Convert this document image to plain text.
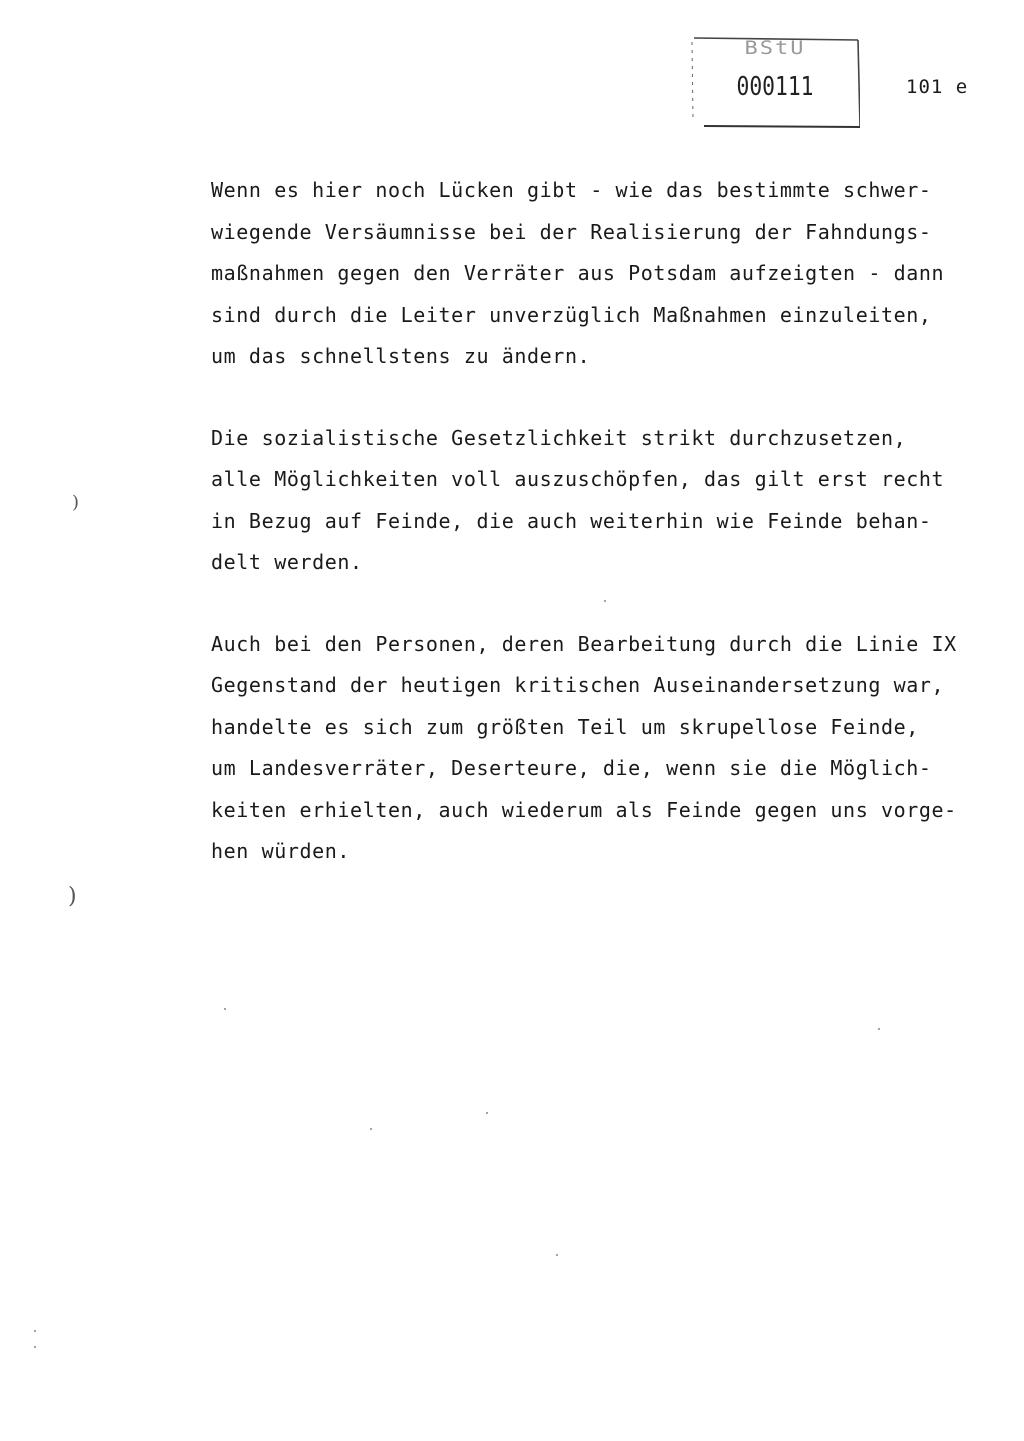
BStU
000111	101 e
Wenn es hier noch Lücken gibt - wie das bestimmte schwer-
wiegende Versäumnisse bei der Realisierung der Fahndungs-
maßnahmen gegen den Verräter aus Potsdam aufzeigten - dann
sind durch die Leiter unverzüglich Maßnahmen einzuleiten,
um das schnellstens zu ändern.
Die sozialistische Gesetzlichkeit strikt durchzusetzen,
alle Möglichkeiten voll auszuschöpfen, das gilt erst recht
in Bezug auf Feinde, die auch weiterhin wie Feinde behan-
delt werden.
Auch bei den Personen, deren Bearbeitung durch die Linie IX
Gegenstand der heutigen kritischen Auseinandersetzung war,
handelte es sich zum größten Teil um skrupellose Feinde,
um Landesverräter, Deserteure, die, wenn sie die Möglich-
keiten erhielten, auch wiederum als Feinde gegen uns vorge-
hen würden.
)
)
